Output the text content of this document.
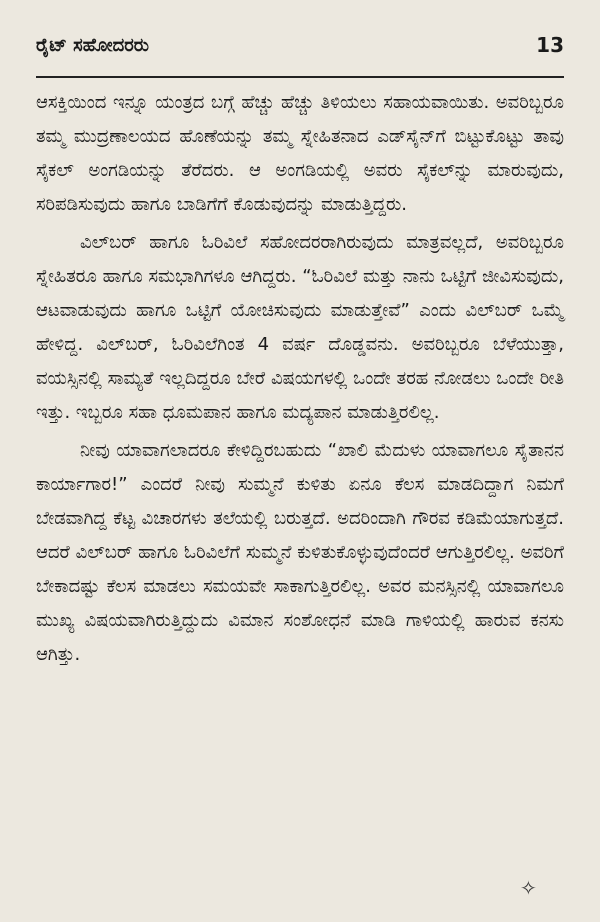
ರೈಟ್ ಸಹೋದರರು	13

ಆಸಕ್ತಿಯಿಂದ ಇನ್ನೂ ಯಂತ್ರದ ಬಗ್ಗೆ ಹೆಚ್ಚು ಹೆಚ್ಚು ತಿಳಿಯಲು ಸಹಾಯವಾಯಿತು. ಅವರಿಬ್ಬರೂ ತಮ್ಮ ಮುದ್ರಣಾಲಯದ ಹೊಣೆಯನ್ನು ತಮ್ಮ ಸ್ನೇಹಿತನಾದ ಎಡ್‌ಸೈನ್‌ಗೆ ಬಿಟ್ಟುಕೊಟ್ಟು ತಾವು ಸೈಕಲ್ ಅಂಗಡಿಯನ್ನು ತೆರೆದರು. ಆ ಅಂಗಡಿಯಲ್ಲಿ ಅವರು ಸೈಕಲ್‌ನ್ನು ಮಾರುವುದು, ಸರಿಪಡಿಸುವುದು ಹಾಗೂ ಬಾಡಿಗೆಗೆ ಕೊಡುವುದನ್ನು ಮಾಡುತ್ತಿದ್ದರು.

ವಿಲ್‌ಬರ್ ಹಾಗೂ ಓರಿವಿಲೆ ಸಹೋದರರಾಗಿರುವುದು ಮಾತ್ರವಲ್ಲದೆ, ಅವರಿಬ್ಬರೂ ಸ್ನೇಹಿತರೂ ಹಾಗೂ ಸಮಭಾಗಿಗಳೂ ಆಗಿದ್ದರು. “ಓರಿವಿಲೆ ಮತ್ತು ನಾನು ಒಟ್ಟಿಗೆ ಜೀವಿಸುವುದು, ಆಟವಾಡುವುದು ಹಾಗೂ ಒಟ್ಟಿಗೆ ಯೋಚಿಸುವುದು ಮಾಡುತ್ತೇವೆ” ಎಂದು ವಿಲ್‌ಬರ್ ಒಮ್ಮೆ ಹೇಳಿದ್ದ. ವಿಲ್‌ಬರ್, ಓರಿವಿಲೆಗಿಂತ 4 ವರ್ಷ ದೊಡ್ಡವನು. ಅವರಿಬ್ಬರೂ ಬೆಳೆಯುತ್ತಾ, ವಯಸ್ಸಿನಲ್ಲಿ ಸಾಮ್ಯತೆ ಇಲ್ಲದಿದ್ದರೂ ಬೇರೆ ವಿಷಯಗಳಲ್ಲಿ ಒಂದೇ ತರಹ ನೋಡಲು ಒಂದೇ ರೀತಿ ಇತ್ತು. ಇಬ್ಬರೂ ಸಹಾ ಧೂಮಪಾನ ಹಾಗೂ ಮದ್ಯಪಾನ ಮಾಡುತ್ತಿರಲಿಲ್ಲ.

ನೀವು ಯಾವಾಗಲಾದರೂ ಕೇಳಿದ್ದಿರಬಹುದು “ಖಾಲಿ ಮೆದುಳು ಯಾವಾಗಲೂ ಸೈತಾನನ ಕಾರ್ಯಾಗಾರ!” ಎಂದರೆ ನೀವು ಸುಮ್ಮನೆ ಕುಳಿತು ಏನೂ ಕೆಲಸ ಮಾಡದಿದ್ದಾಗ ನಿಮಗೆ ಬೇಡವಾಗಿದ್ದ ಕೆಟ್ಟ ವಿಚಾರಗಳು ತಲೆಯಲ್ಲಿ ಬರುತ್ತದೆ. ಅದರಿಂದಾಗಿ ಗೌರವ ಕಡಿಮೆಯಾಗುತ್ತದೆ. ಆದರೆ ವಿಲ್‌ಬರ್ ಹಾಗೂ ಓರಿವಿಲೆಗೆ ಸುಮ್ಮನೆ ಕುಳಿತುಕೊಳ್ಳುವುದೆಂದರೆ ಆಗುತ್ತಿರಲಿಲ್ಲ. ಅವರಿಗೆ ಬೇಕಾದಷ್ಟು ಕೆಲಸ ಮಾಡಲು ಸಮಯವೇ ಸಾಕಾಗುತ್ತಿರಲಿಲ್ಲ. ಅವರ ಮನಸ್ಸಿನಲ್ಲಿ ಯಾವಾಗಲೂ ಮುಖ್ಯ ವಿಷಯವಾಗಿರುತ್ತಿದ್ದುದು ವಿಮಾನ ಸಂಶೋಧನೆ ಮಾಡಿ ಗಾಳಿಯಲ್ಲಿ ಹಾರುವ ಕನಸು ಆಗಿತ್ತು.

✧
